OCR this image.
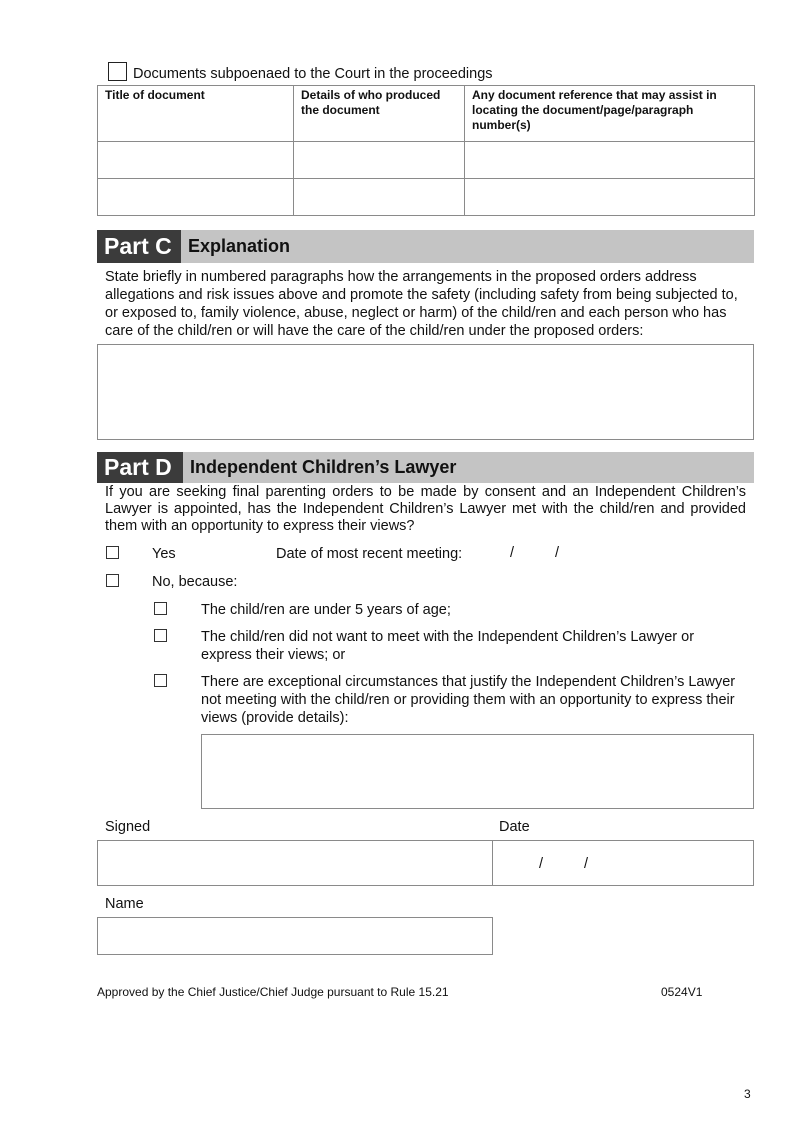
Documents subpoenaed to the Court in the proceedings
Title of document	Details of who produced the document	Any document reference that may assist in locating the document/page/paragraph number(s)

Part C Explanation
State briefly in numbered paragraphs how the arrangements in the proposed orders address allegations and risk issues above and promote the safety (including safety from being subjected to, or exposed to, family violence, abuse, neglect or harm) of the child/ren and each person who has care of the child/ren or will have the care of the child/ren under the proposed orders:
Part D	Independent Children’s Lawyer
If you are seeking final parenting orders to be made by consent and an Independent Children’s Lawyer is appointed, has the Independent Children’s Lawyer met with the child/ren and provided them with an opportunity to express their views?
Yes	Date of most recent meeting:	/	/
No, because:
The child/ren are under 5 years of age;
The child/ren did not want to meet with the Independent Children’s Lawyer or express their views; or
There are exceptional circumstances that justify the Independent Children’s Lawyer not meeting with the child/ren or providing them with an opportunity to express their views (provide details):
Signed	Date
/	/
Name
Approved by the Chief Justice/Chief Judge pursuant to Rule 15.21	0524V1
3
